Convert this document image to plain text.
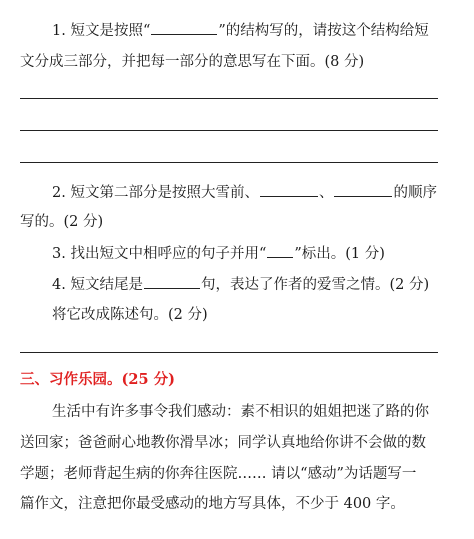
1. 短文是按照“	”的结构写的，请按这个结构给短
文分成三部分，并把每一部分的意思写在下面。(8 分)
2. 短文第二部分是按照大雪前、	、	的顺序
写的。(2 分)
3. 找出短文中相呼应的句子并用“ ”标出。(1 分)
4. 短文结尾是	句，表达了作者的爱雪之情。(2 分)
将它改成陈述句。(2 分)
三、习作乐园。(25 分)
生活中有许多事令我们感动：素不相识的姐姐把迷了路的你
送回家；爸爸耐心地教你滑旱冰；同学认真地给你讲不会做的数
学题；老师背起生病的你奔往医院…… 请以“感动”为话题写一
篇作文，注意把你最受感动的地方写具体，不少于 400 字。
